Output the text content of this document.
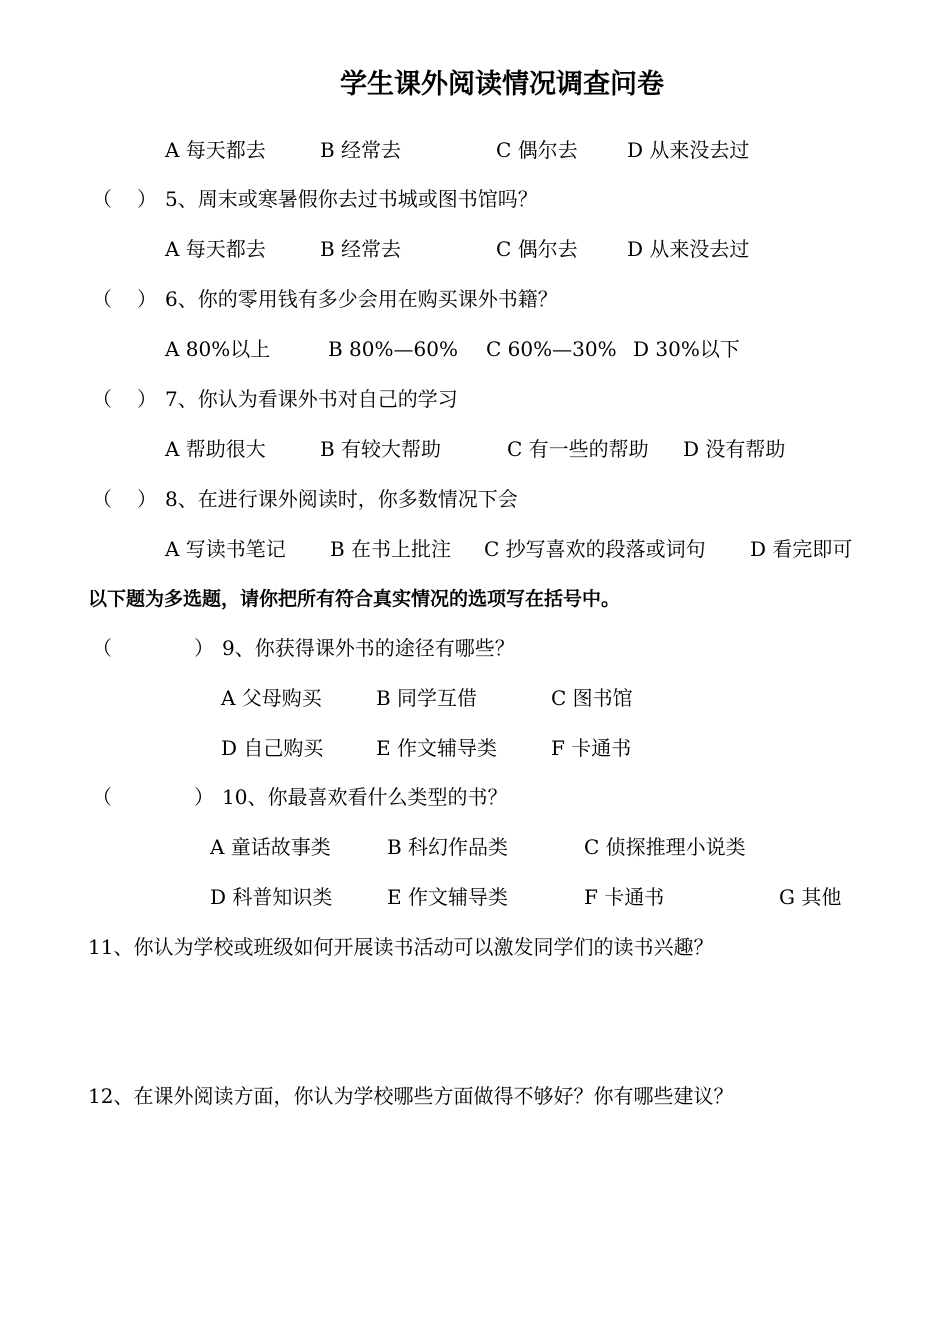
学生课外阅读情况调查问卷
A 每天都去	B 经常去	C 偶尔去 D 从来没去过
（ ） 5、周末或寒暑假你去过书城或图书馆吗？
A 每天都去	B 经常去	C 偶尔去 D 从来没去过
（ ） 6、你的零用钱有多少会用在购买课外书籍？
A 80%以上	B 80%—60% C 60%—30% D 30%以下
（ ） 7、你认为看课外书对自己的学习
A 帮助很大	B 有较大帮助	C 有一些的帮助 D 没有帮助
（ ） 8、在进行课外阅读时，你多数情况下会
A 写读书笔记 B 在书上批注 C 抄写喜欢的段落或词句 D 看完即可
以下题为多选题，请你把所有符合真实情况的选项写在括号中。
（	） 9、你获得课外书的途径有哪些？
A 父母购买	B 同学互借	C 图书馆
D 自己购买	E 作文辅导类	F 卡通书
（	） 10、你最喜欢看什么类型的书？
A 童话故事类	B 科幻作品类	C 侦探推理小说类
D 科普知识类	E 作文辅导类	F 卡通书	G 其他
11、你认为学校或班级如何开展读书活动可以激发同学们的读书兴趣？
12、在课外阅读方面，你认为学校哪些方面做得不够好？你有哪些建议？
